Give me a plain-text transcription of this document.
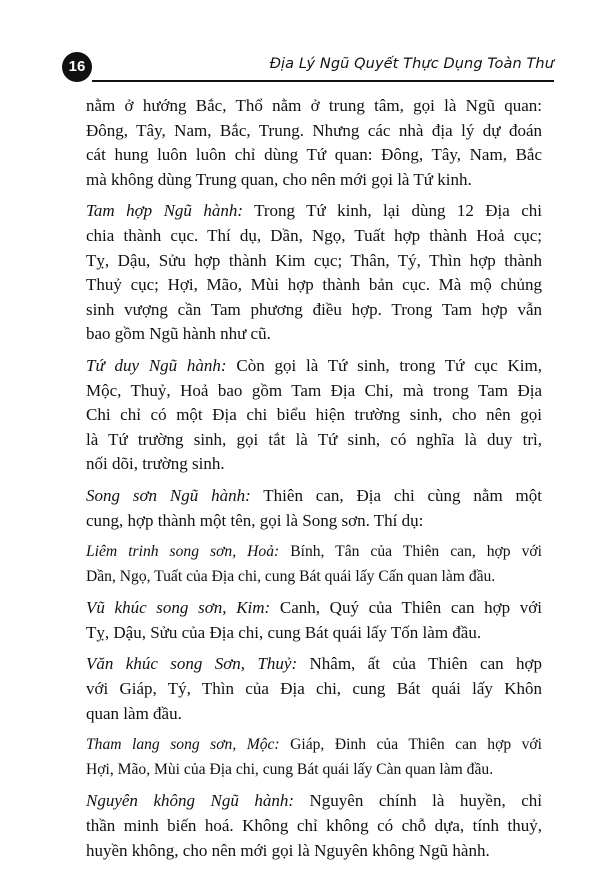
16	Địa Lý Ngũ Quyết Thực Dụng Toàn Thư
nằm ở hướng Bắc, Thổ nằm ở trung tâm, gọi là Ngũ quan:
Đông, Tây, Nam, Bắc, Trung. Nhưng các nhà địa lý dự đoán
cát hung luôn luôn chỉ dùng Tứ quan: Đông, Tây, Nam, Bắc
mà không dùng Trung quan, cho nên mới gọi là Tứ kinh.
Tam hợp Ngũ hành: Trong Tứ kinh, lại dùng 12 Địa chi
chia thành cục. Thí dụ, Dần, Ngọ, Tuất hợp thành Hoả cục;
Tỵ, Dậu, Sửu hợp thành Kim cục; Thân, Tý, Thìn hợp thành
Thuỷ cục; Hợi, Mão, Mùi hợp thành bản cục. Mà mộ chủng
sinh vượng cần Tam phương điều hợp. Trong Tam hợp vẫn
bao gồm Ngũ hành như cũ.
Tứ duy Ngũ hành: Còn gọi là Tứ sinh, trong Tứ cục Kim,
Mộc, Thuỷ, Hoả bao gồm Tam Địa Chi, mà trong Tam Địa
Chi chỉ có một Địa chi biểu hiện trường sinh, cho nên gọi
là Tứ trường sinh, gọi tắt là Tứ sinh, có nghĩa là duy trì,
nối dõi, trường sinh.
Song sơn Ngũ hành: Thiên can, Địa chi cùng nằm một
cung, hợp thành một tên, gọi là Song sơn. Thí dụ:
Liêm trinh song sơn, Hoả: Bính, Tân của Thiên can, hợp với
Dần, Ngọ, Tuất của Địa chi, cung Bát quái lấy Cấn quan làm đầu.
Vũ khúc song sơn, Kim: Canh, Quý của Thiên can hợp với
Tỵ, Dậu, Sửu của Địa chi, cung Bát quái lấy Tốn làm đầu.
Văn khúc song Sơn, Thuỷ: Nhâm, ất của Thiên can hợp
với Giáp, Tý, Thìn của Địa chi, cung Bát quái lấy Khôn
quan làm đầu.
Tham lang song sơn, Mộc: Giáp, Đinh của Thiên can hợp với
Hợi, Mão, Mùi của Địa chi, cung Bát quái lấy Càn quan làm đầu.
Nguyên không Ngũ hành: Nguyên chính là huyền, chỉ
thần minh biến hoá. Không chỉ không có chỗ dựa, tính thuỷ,
huyền không, cho nên mới gọi là Nguyên không Ngũ hành.
